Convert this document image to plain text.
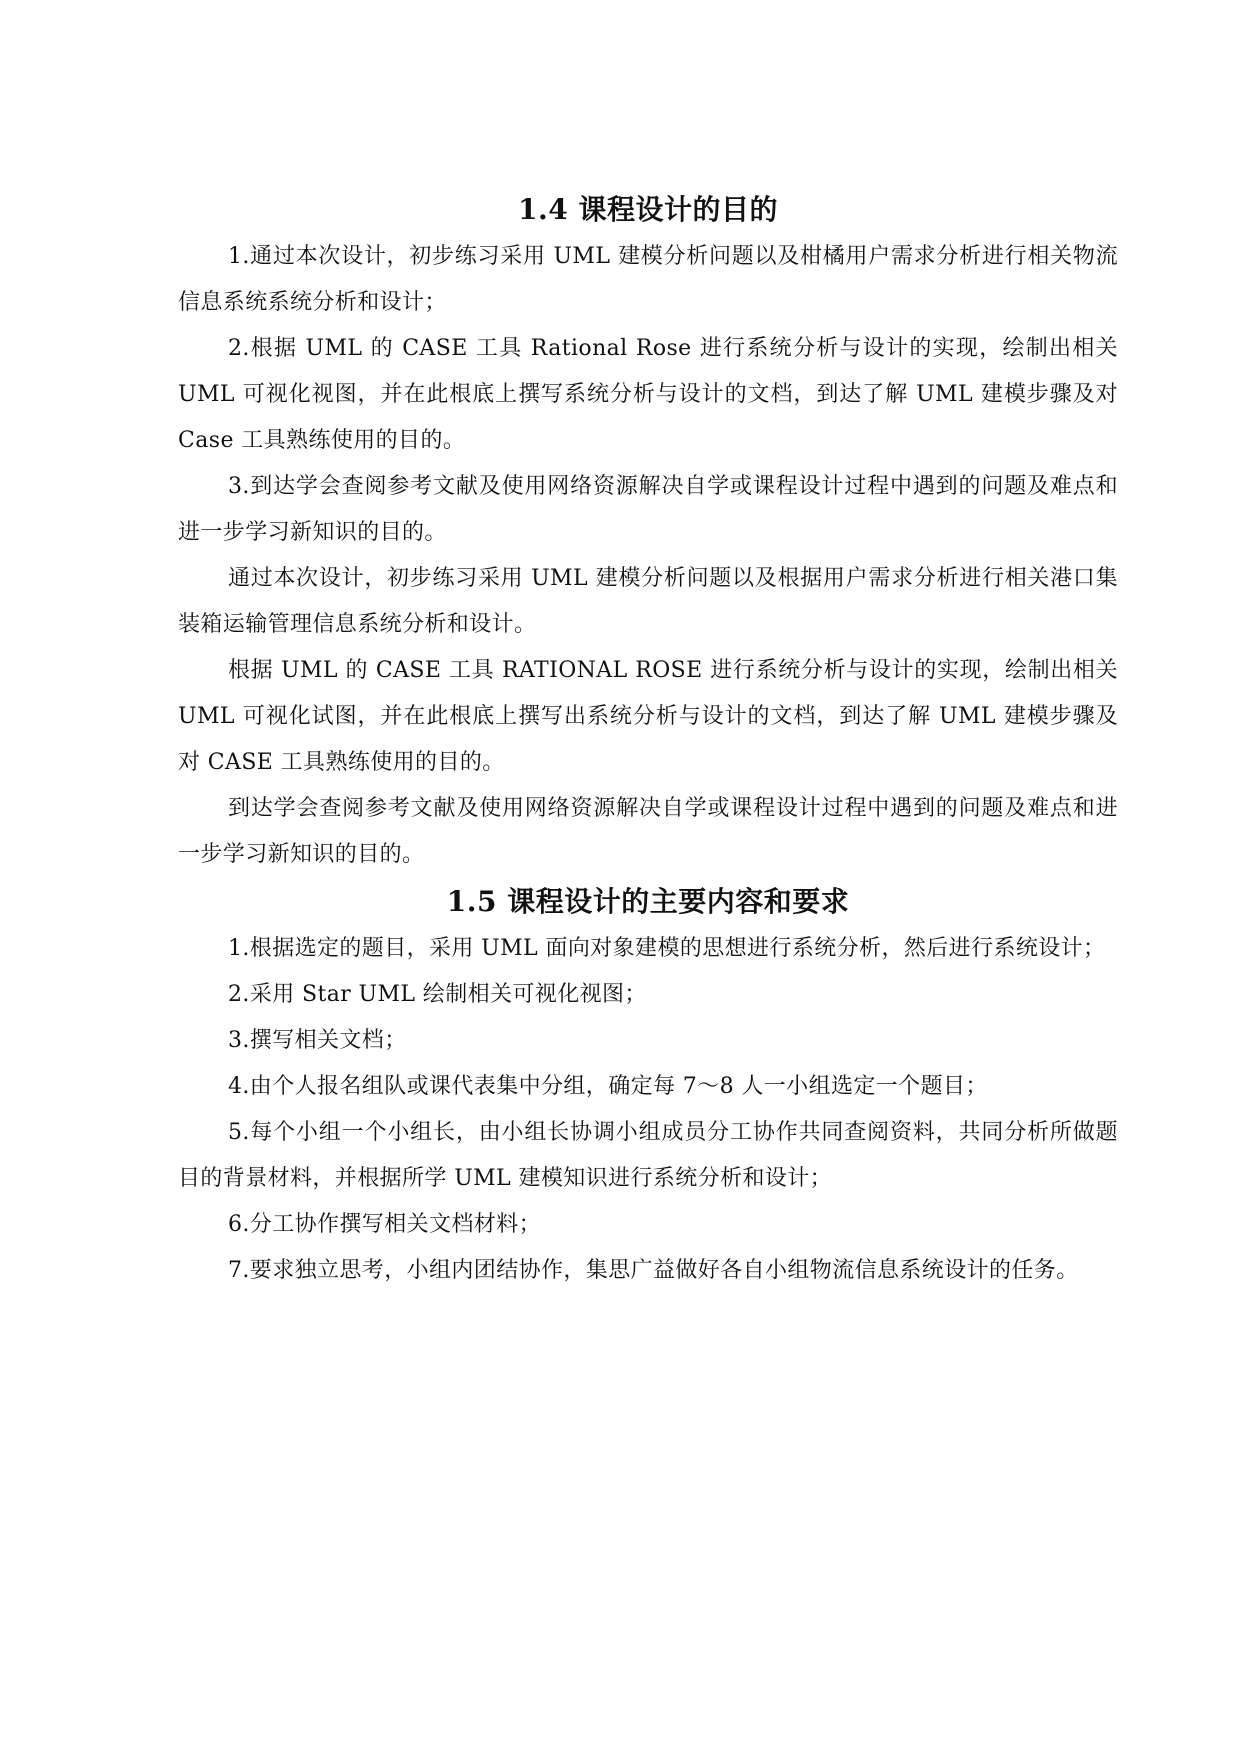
1.4 课程设计的目的

1.通过本次设计，初步练习采用 UML 建模分析问题以及柑橘用户需求分析进行相关物流信息系统系统分析和设计；

2.根据 UML 的 CASE 工具 Rational Rose 进行系统分析与设计的实现，绘制出相关 UML 可视化视图，并在此根底上撰写系统分析与设计的文档，到达了解 UML 建模步骤及对 Case 工具熟练使用的目的。

3.到达学会查阅参考文献及使用网络资源解决自学或课程设计过程中遇到的问题及难点和进一步学习新知识的目的。

通过本次设计，初步练习采用 UML 建模分析问题以及根据用户需求分析进行相关港口集装箱运输管理信息系统分析和设计。

根据 UML 的 CASE 工具 RATIONAL ROSE 进行系统分析与设计的实现，绘制出相关 UML 可视化试图，并在此根底上撰写出系统分析与设计的文档，到达了解 UML 建模步骤及对 CASE 工具熟练使用的目的。

到达学会查阅参考文献及使用网络资源解决自学或课程设计过程中遇到的问题及难点和进一步学习新知识的目的。

1.5 课程设计的主要内容和要求

1.根据选定的题目，采用 UML 面向对象建模的思想进行系统分析，然后进行系统设计；

2.采用 Star UML 绘制相关可视化视图；

3.撰写相关文档；

4.由个人报名组队或课代表集中分组，确定每 7～8 人一小组选定一个题目；

5.每个小组一个小组长，由小组长协调小组成员分工协作共同查阅资料，共同分析所做题目的背景材料，并根据所学 UML 建模知识进行系统分析和设计；

6.分工协作撰写相关文档材料；

7.要求独立思考，小组内团结协作，集思广益做好各自小组物流信息系统设计的任务。
